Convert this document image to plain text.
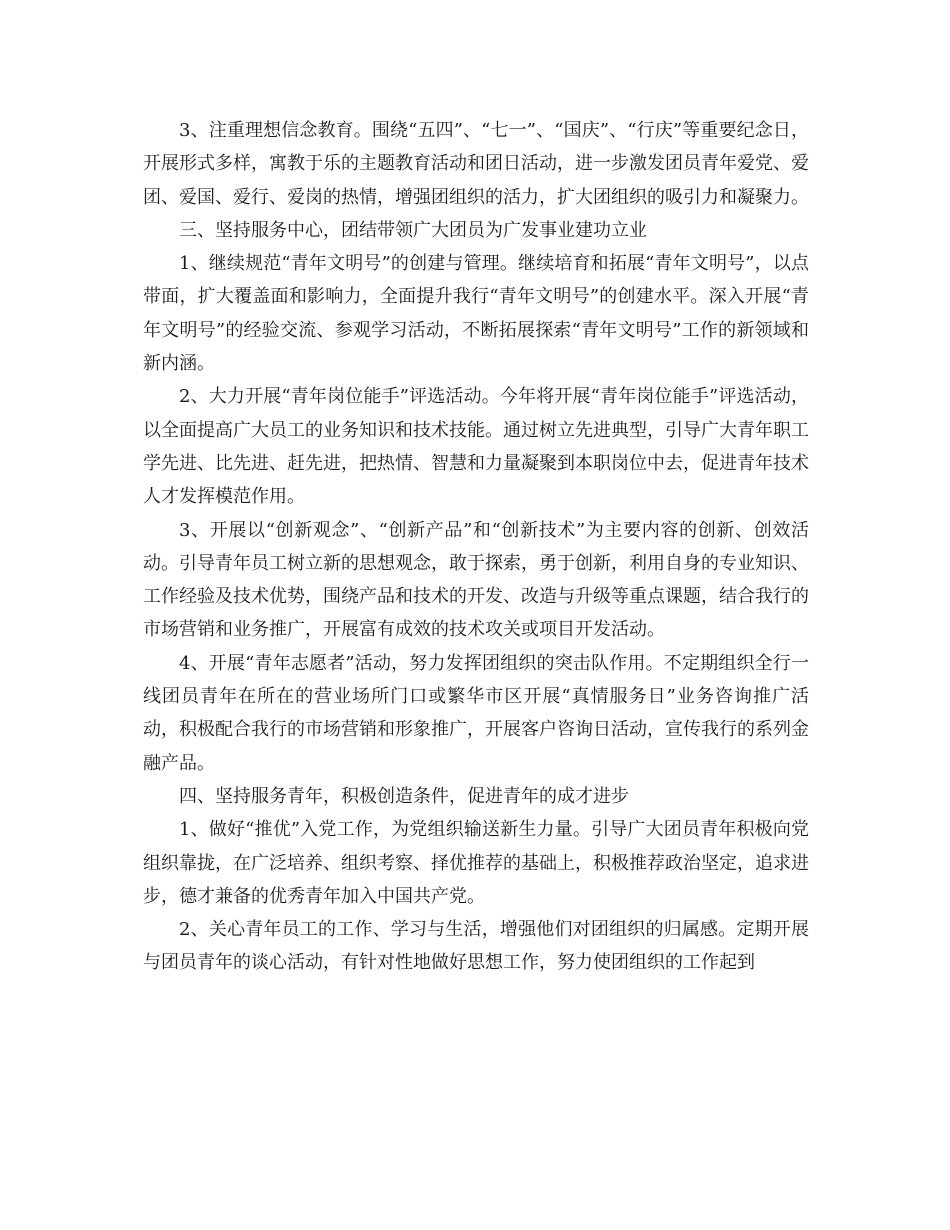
3、注重理想信念教育。围绕“五四”、“七一”、“国庆”、“行庆”等重要纪念日，开展形式多样，寓教于乐的主题教育活动和团日活动，进一步激发团员青年爱党、爱团、爱国、爱行、爱岗的热情，增强团组织的活力，扩大团组织的吸引力和凝聚力。

三、坚持服务中心，团结带领广大团员为广发事业建功立业

1、继续规范“青年文明号”的创建与管理。继续培育和拓展“青年文明号”，以点带面，扩大覆盖面和影响力，全面提升我行“青年文明号”的创建水平。深入开展“青年文明号”的经验交流、参观学习活动，不断拓展探索“青年文明号”工作的新领域和新内涵。

2、大力开展“青年岗位能手”评选活动。今年将开展“青年岗位能手”评选活动，以全面提高广大员工的业务知识和技术技能。通过树立先进典型，引导广大青年职工学先进、比先进、赶先进，把热情、智慧和力量凝聚到本职岗位中去，促进青年技术人才发挥模范作用。

3、开展以“创新观念”、“创新产品”和“创新技术”为主要内容的创新、创效活动。引导青年员工树立新的思想观念，敢于探索，勇于创新，利用自身的专业知识、工作经验及技术优势，围绕产品和技术的开发、改造与升级等重点课题，结合我行的市场营销和业务推广，开展富有成效的技术攻关或项目开发活动。

4、开展“青年志愿者”活动，努力发挥团组织的突击队作用。不定期组织全行一线团员青年在所在的营业场所门口或繁华市区开展“真情服务日”业务咨询推广活动，积极配合我行的市场营销和形象推广，开展客户咨询日活动，宣传我行的系列金融产品。

四、坚持服务青年，积极创造条件，促进青年的成才进步

1、做好“推优”入党工作，为党组织输送新生力量。引导广大团员青年积极向党组织靠拢，在广泛培养、组织考察、择优推荐的基础上，积极推荐政治坚定，追求进步，德才兼备的优秀青年加入中国共产党。

2、关心青年员工的工作、学习与生活，增强他们对团组织的归属感。定期开展与团员青年的谈心活动，有针对性地做好思想工作，努力使团组织的工作起到
